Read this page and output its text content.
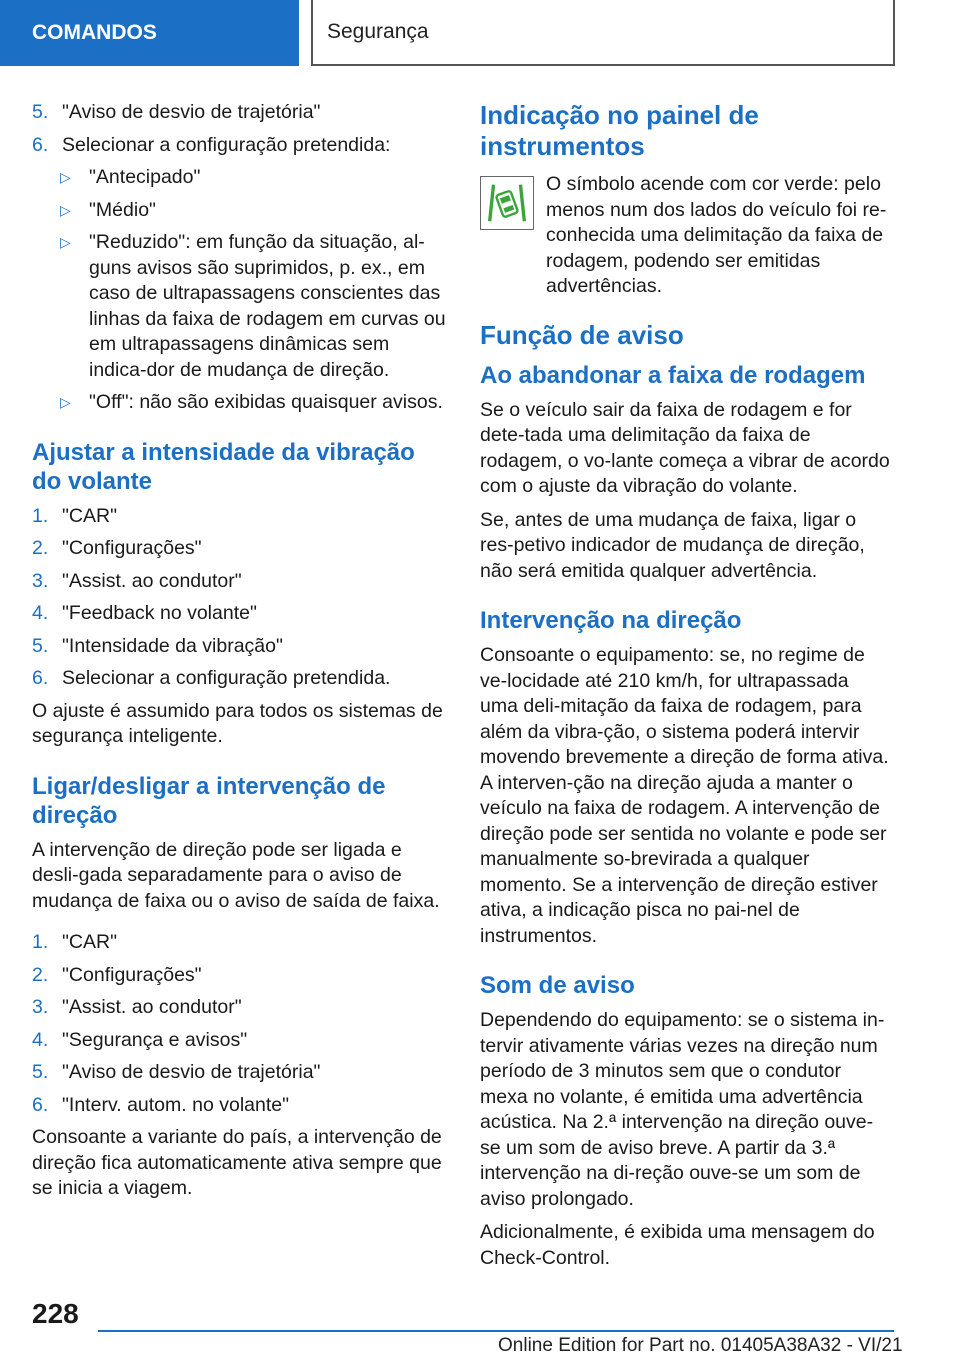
COMANDOS	Segurança
5. "Aviso de desvio de trajetória"
6. Selecionar a configuração pretendida:
▷ "Antecipado"
▷ "Médio"
▷ "Reduzido": em função da situação, al-guns avisos são suprimidos, p. ex., em caso de ultrapassagens conscientes das linhas da faixa de rodagem em curvas ou em ultrapassagens dinâmicas sem indica-dor de mudança de direção.
▷ "Off": não são exibidas quaisquer avisos.
Ajustar a intensidade da vibração do volante
1. "CAR"
2. "Configurações"
3. "Assist. ao condutor"
4. "Feedback no volante"
5. "Intensidade da vibração"
6. Selecionar a configuração pretendida.

O ajuste é assumido para todos os sistemas de segurança inteligente.

Ligar/desligar a intervenção de direção

A intervenção de direção pode ser ligada e desli-gada separadamente para o aviso de mudança de faixa ou o aviso de saída de faixa.

1. "CAR"
2. "Configurações"
3. "Assist. ao condutor"
4. "Segurança e avisos"
5. "Aviso de desvio de trajetória"
6. "Interv. autom. no volante"

Consoante a variante do país, a intervenção de direção fica automaticamente ativa sempre que se inicia a viagem.

Indicação no painel de instrumentos

O símbolo acende com cor verde: pelo menos num dos lados do veículo foi re-conhecida uma delimitação da faixa de rodagem, podendo ser emitidas advertências.

Função de aviso
Ao abandonar a faixa de rodagem

Se o veículo sair da faixa de rodagem e for dete-tada uma delimitação da faixa de rodagem, o vo-lante começa a vibrar de acordo com o ajuste da vibração do volante.

Se, antes de uma mudança de faixa, ligar o res-petivo indicador de mudança de direção, não será emitida qualquer advertência.

Intervenção na direção

Consoante o equipamento: se, no regime de ve-locidade até 210 km/h, for ultrapassada uma deli-mitação da faixa de rodagem, para além da vibra-ção, o sistema poderá intervir movendo brevemente a direção de forma ativa. A interven-ção na direção ajuda a manter o veículo na faixa de rodagem. A intervenção de direção pode ser sentida no volante e pode ser manualmente so-brevirada a qualquer momento. Se a intervenção de direção estiver ativa, a indicação pisca no pai-nel de instrumentos.

Som de aviso

Dependendo do equipamento: se o sistema in-tervir ativamente várias vezes na direção num período de 3 minutos sem que o condutor mexa no volante, é emitida uma advertência acústica. Na 2.ª intervenção na direção ouve-se um som de aviso breve. A partir da 3.ª intervenção na di-reção ouve-se um som de aviso prolongado.

Adicionalmente, é exibida uma mensagem do Check-Control.

228
Online Edition for Part no. 01405A38A32 - VI/21
